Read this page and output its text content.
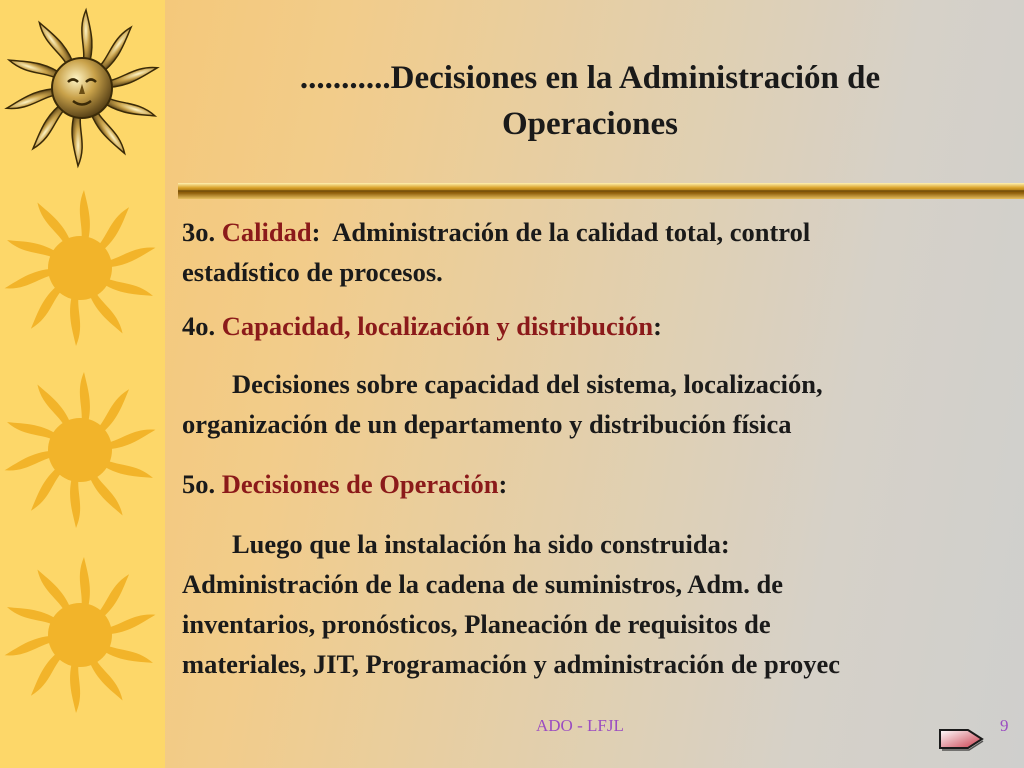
...........Decisiones en la Administración de
Operaciones

3o. Calidad:  Administración de la calidad total, control

estadístico de procesos.

4o. Capacidad, localización y distribución:

Decisiones sobre capacidad del sistema, localización,

organización de un departamento y distribución física

5o. Decisiones de Operación:

Luego que la instalación ha sido construida:

Administración de la cadena de suministros, Adm. de

inventarios, pronósticos, Planeación de requisitos de

materiales, JIT, Programación y administración de proyec

ADO - LFJL	9
